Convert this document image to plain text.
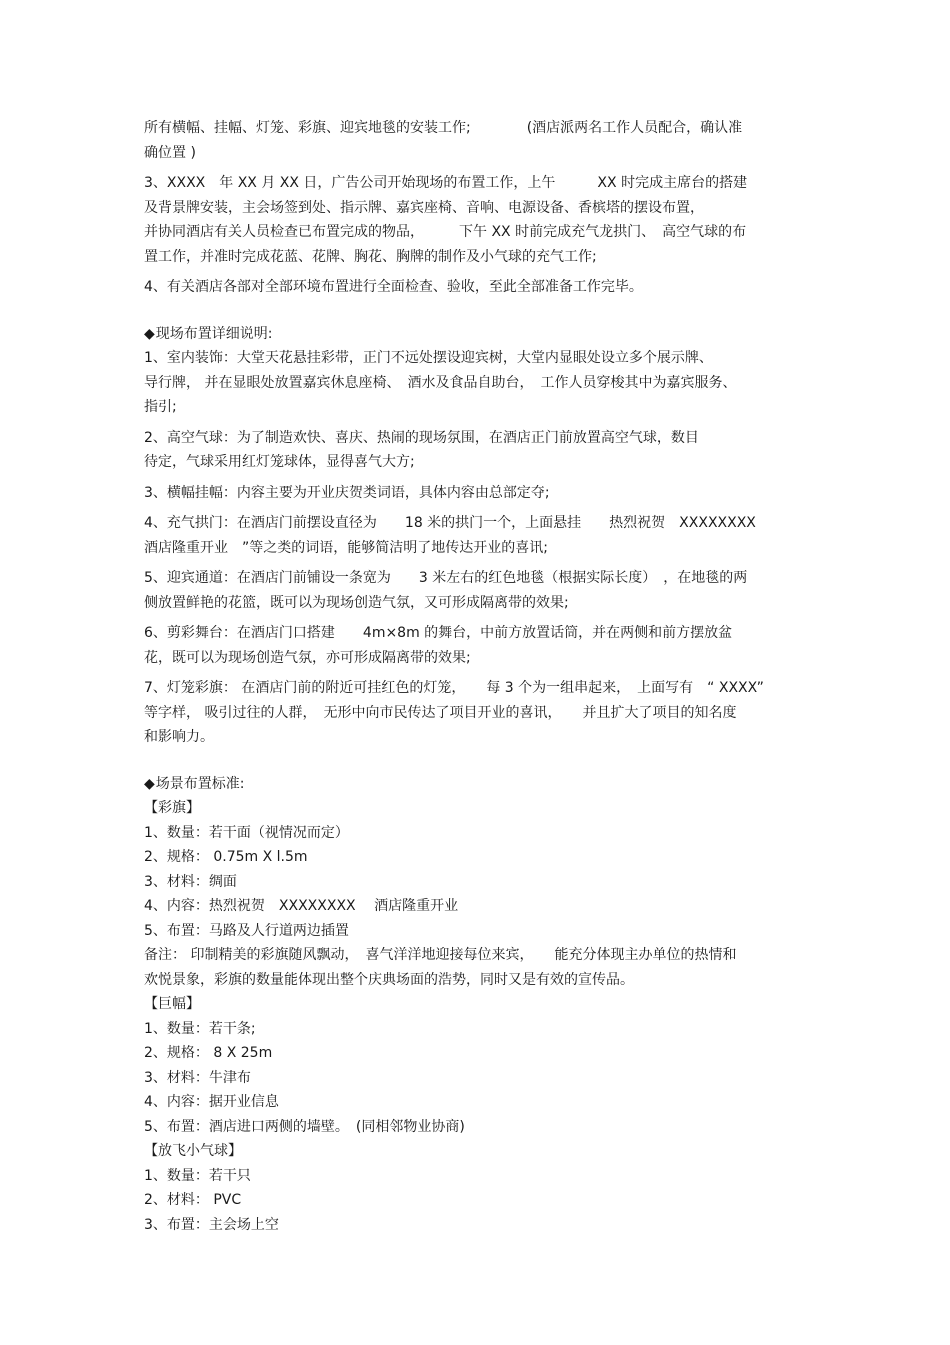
所有横幅、挂幅、灯笼、彩旗、迎宾地毯的安装工作;　　　　(酒店派两名工作人员配合，确认准

确位置 )

3、XXXX　年 XX 月 XX 日，广告公司开始现场的布置工作，上午　　　XX 时完成主席台的搭建

及背景牌安装，主会场签到处、指示牌、嘉宾座椅、音响、电源设备、香槟塔的摆设布置，

并协同酒店有关人员检查已布置完成的物品，　　　下午 XX 时前完成充气龙拱门、　高空气球的布

置工作，并准时完成花蓝、花牌、胸花、胸牌的制作及小气球的充气工作;

4、有关酒店各部对全部环境布置进行全面检查、验收，至此全部准备工作完毕。

◆现场布置详细说明:

1、室内装饰：大堂天花悬挂彩带，正门不远处摆设迎宾树，大堂内显眼处设立多个展示牌、

导行牌， 并在显眼处放置嘉宾休息座椅、　酒水及食品自助台，　工作人员穿梭其中为嘉宾服务、

指引;

2、高空气球：为了制造欢快、喜庆、热闹的现场氛围，在酒店正门前放置高空气球，数目

待定，气球采用红灯笼球体，显得喜气大方;

3、横幅挂幅：内容主要为开业庆贺类词语，具体内容由总部定夺;

4、充气拱门：在酒店门前摆设直径为　　18 米的拱门一个，上面悬挂　　热烈祝贺　XXXXXXXX

酒店隆重开业　”等之类的词语，能够简洁明了地传达开业的喜讯;

5、迎宾通道：在酒店门前铺设一条宽为　　3 米左右的红色地毯（根据实际长度）　，在地毯的两

侧放置鲜艳的花篮，既可以为现场创造气氛，又可形成隔离带的效果;

6、剪彩舞台：在酒店门口搭建　　4m×8m 的舞台，中前方放置话筒，并在两侧和前方摆放盆

花，既可以为现场创造气氛，亦可形成隔离带的效果;

7、灯笼彩旗： 在酒店门前的附近可挂红色的灯笼，　　每 3 个为一组串起来，　上面写有　“ XXXX”

等字样， 吸引过往的人群，　无形中向市民传达了项目开业的喜讯，　　并且扩大了项目的知名度

和影响力。

◆场景布置标准:

【彩旗】

1、数量：若干面（视情况而定）

2、规格： 0.75m X l.5m

3、材料：绸面

4、内容：热烈祝贺　XXXXXXXX　 酒店隆重开业

5、布置：马路及人行道两边插置

备注： 印制精美的彩旗随风飘动，　喜气洋洋地迎接每位来宾，　　能充分体现主办单位的热情和

欢悦景象，彩旗的数量能体现出整个庆典场面的浩势，同时又是有效的宣传品。

【巨幅】

1、数量：若干条;

2、规格： 8 X 25m

3、材料：牛津布

4、内容：据开业信息

5、布置：酒店进口两侧的墙壁。　(同相邻物业协商)

【放飞小气球】

1、数量：若干只

2、材料： PVC

3、布置：主会场上空
